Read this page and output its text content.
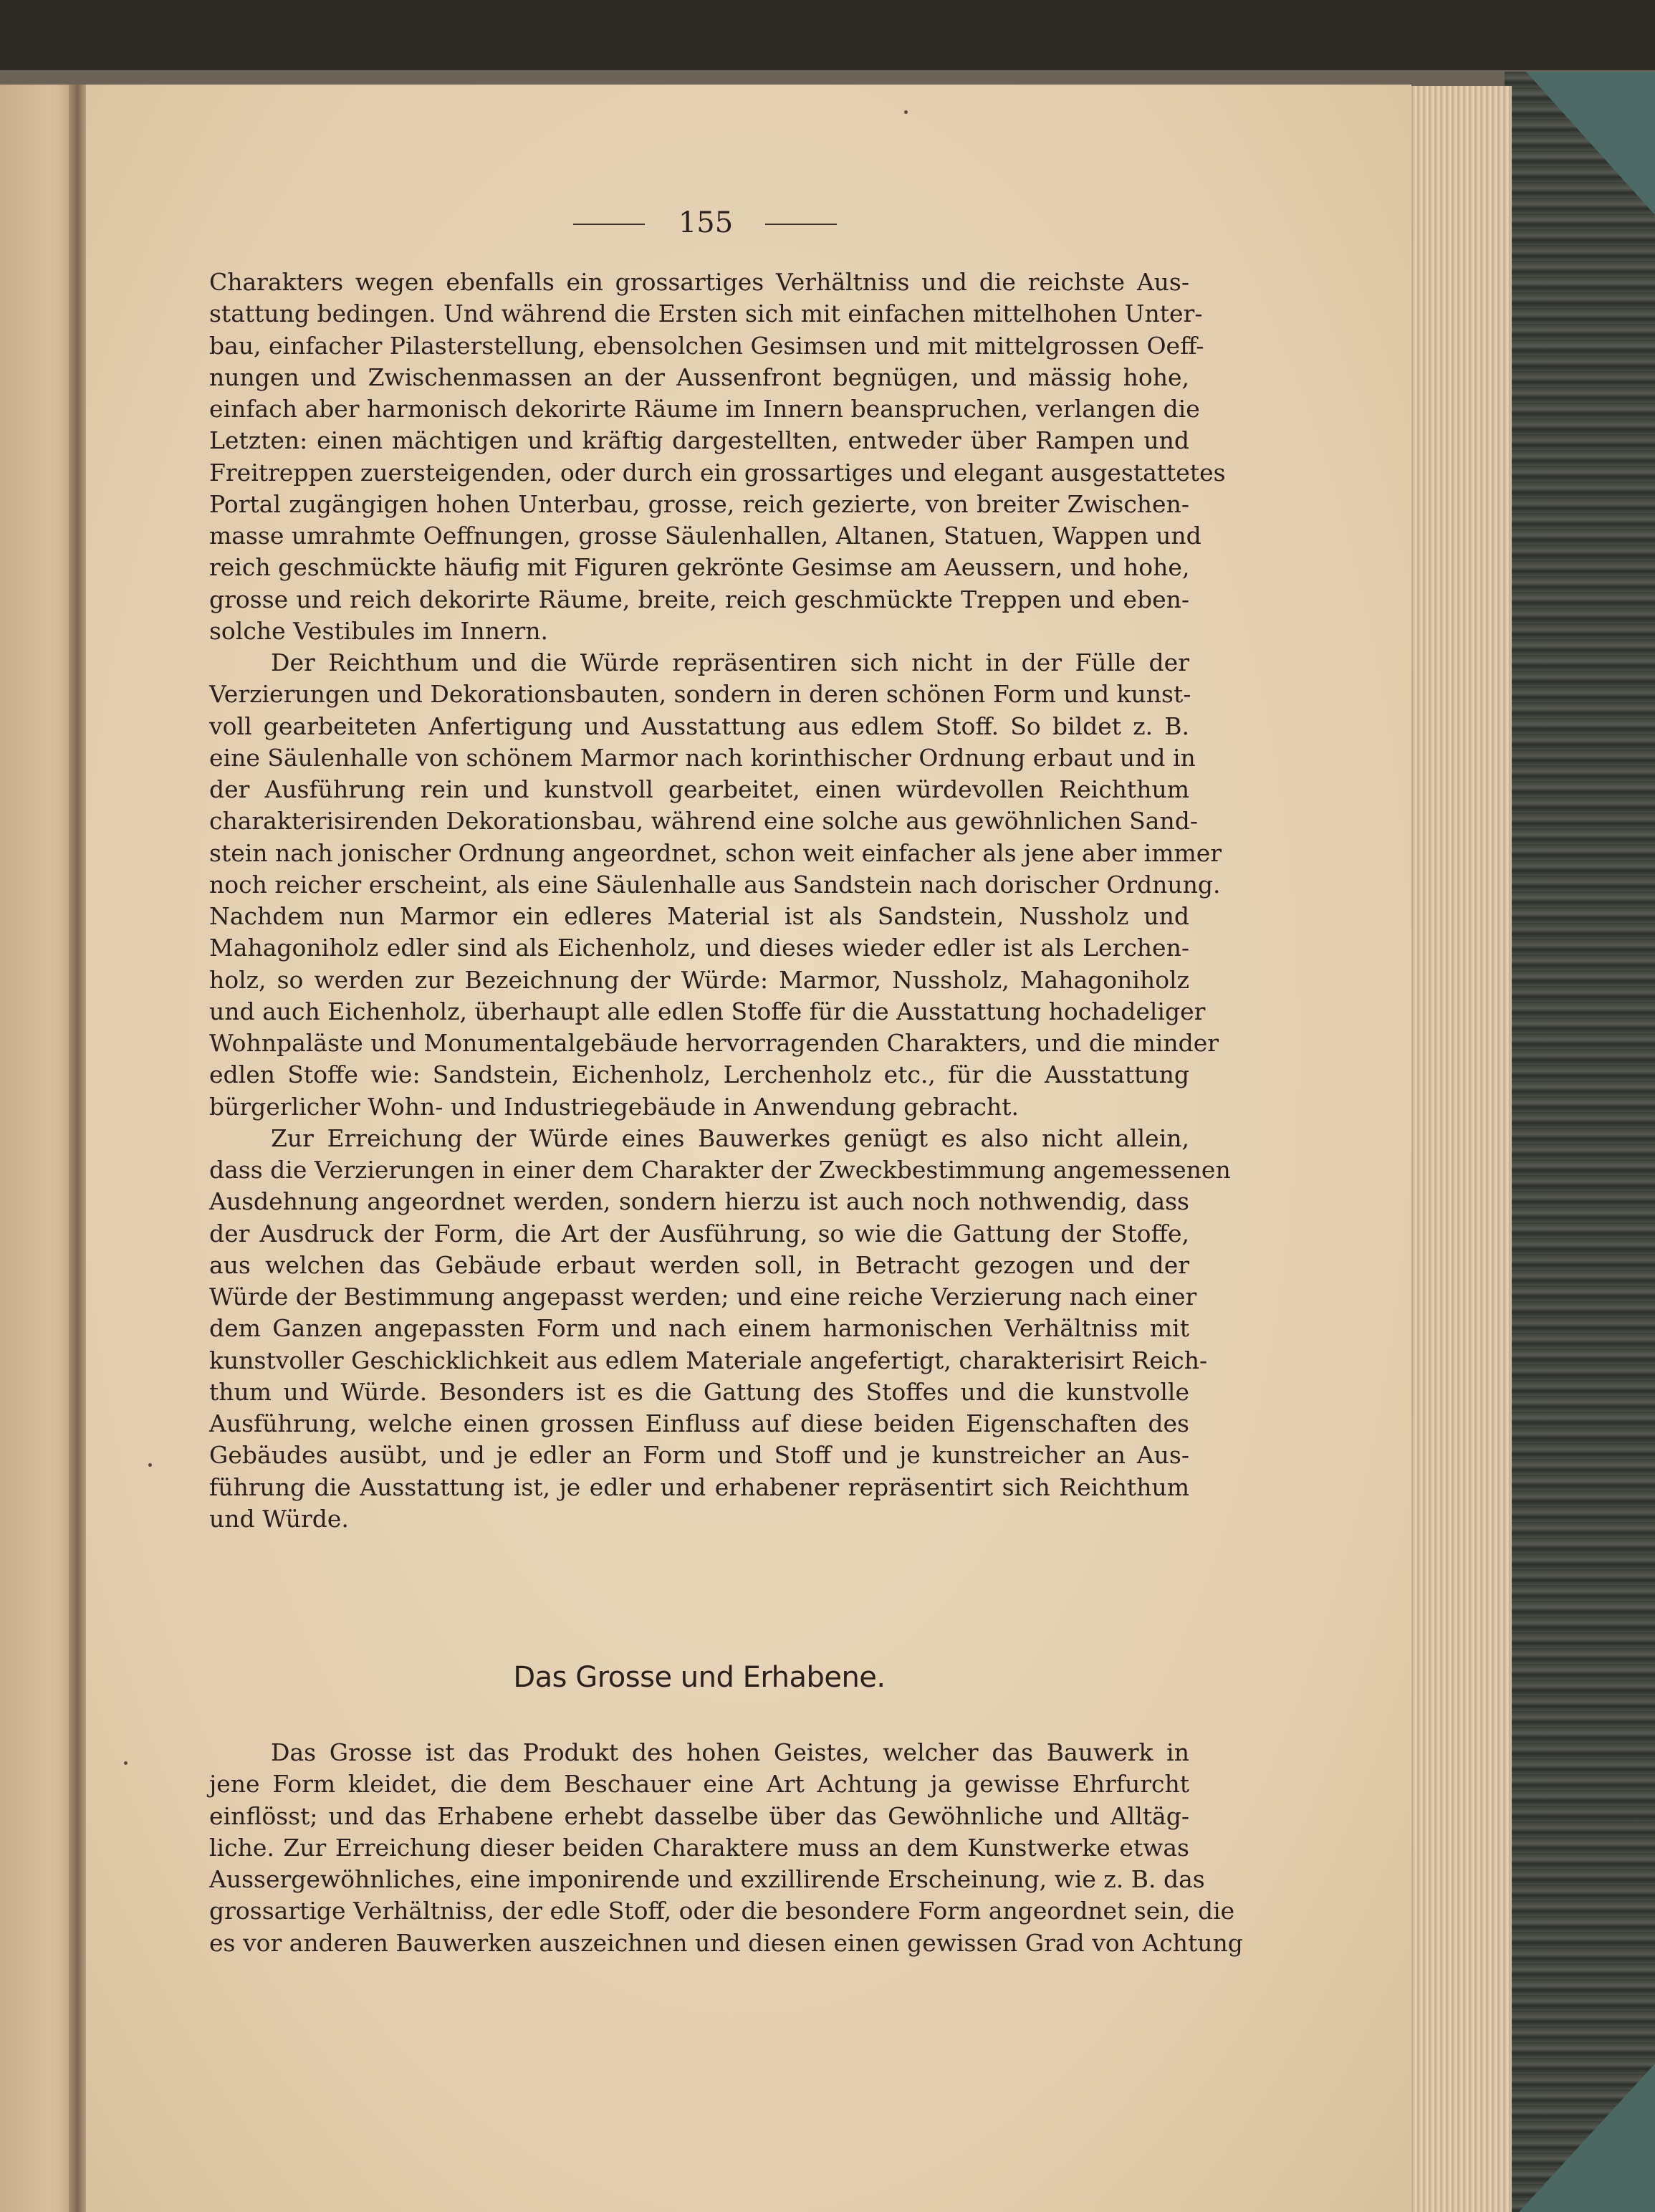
155
Charakters wegen ebenfalls ein grossartiges Verhältniss und die reichste Aus-
stattung bedingen. Und während die Ersten sich mit einfachen mittelhohen Unter-
bau, einfacher Pilasterstellung, ebensolchen Gesimsen und mit mittelgrossen Oeff-
nungen und Zwischenmassen an der Aussenfront begnügen, und mässig hohe,
einfach aber harmonisch dekorirte Räume im Innern beanspruchen, verlangen die
Letzten: einen mächtigen und kräftig dargestellten, entweder über Rampen und
Freitreppen zuersteigenden, oder durch ein grossartiges und elegant ausgestattetes
Portal zugängigen hohen Unterbau, grosse, reich gezierte, von breiter Zwischen-
masse umrahmte Oeffnungen, grosse Säulenhallen, Altanen, Statuen, Wappen und
reich geschmückte häufig mit Figuren gekrönte Gesimse am Aeussern, und hohe,
grosse und reich dekorirte Räume, breite, reich geschmückte Treppen und eben-
solche Vestibules im Innern.
Der Reichthum und die Würde repräsentiren sich nicht in der Fülle der
Verzierungen und Dekorationsbauten, sondern in deren schönen Form und kunst-
voll gearbeiteten Anfertigung und Ausstattung aus edlem Stoff. So bildet z. B.
eine Säulenhalle von schönem Marmor nach korinthischer Ordnung erbaut und in
der Ausführung rein und kunstvoll gearbeitet, einen würdevollen Reichthum
charakterisirenden Dekorationsbau, während eine solche aus gewöhnlichen Sand-
stein nach jonischer Ordnung angeordnet, schon weit einfacher als jene aber immer
noch reicher erscheint, als eine Säulenhalle aus Sandstein nach dorischer Ordnung.
Nachdem nun Marmor ein edleres Material ist als Sandstein, Nussholz und
Mahagoniholz edler sind als Eichenholz, und dieses wieder edler ist als Lerchen-
holz, so werden zur Bezeichnung der Würde: Marmor, Nussholz, Mahagoniholz
und auch Eichenholz, überhaupt alle edlen Stoffe für die Ausstattung hochadeliger
Wohnpaläste und Monumentalgebäude hervorragenden Charakters, und die minder
edlen Stoffe wie: Sandstein, Eichenholz, Lerchenholz etc., für die Ausstattung
bürgerlicher Wohn- und Industriegebäude in Anwendung gebracht.
Zur Erreichung der Würde eines Bauwerkes genügt es also nicht allein,
dass die Verzierungen in einer dem Charakter der Zweckbestimmung angemessenen
Ausdehnung angeordnet werden, sondern hierzu ist auch noch nothwendig, dass
der Ausdruck der Form, die Art der Ausführung, so wie die Gattung der Stoffe,
aus welchen das Gebäude erbaut werden soll, in Betracht gezogen und der
Würde der Bestimmung angepasst werden; und eine reiche Verzierung nach einer
dem Ganzen angepassten Form und nach einem harmonischen Verhältniss mit
kunstvoller Geschicklichkeit aus edlem Materiale angefertigt, charakterisirt Reich-
thum und Würde. Besonders ist es die Gattung des Stoffes und die kunstvolle
Ausführung, welche einen grossen Einfluss auf diese beiden Eigenschaften des
Gebäudes ausübt, und je edler an Form und Stoff und je kunstreicher an Aus-
führung die Ausstattung ist, je edler und erhabener repräsentirt sich Reichthum
und Würde.
Das Grosse und Erhabene.
Das Grosse ist das Produkt des hohen Geistes, welcher das Bauwerk in
jene Form kleidet, die dem Beschauer eine Art Achtung ja gewisse Ehrfurcht
einflösst; und das Erhabene erhebt dasselbe über das Gewöhnliche und Alltäg-
liche. Zur Erreichung dieser beiden Charaktere muss an dem Kunstwerke etwas
Aussergewöhnliches, eine imponirende und exzillirende Erscheinung, wie z. B. das
grossartige Verhältniss, der edle Stoff, oder die besondere Form angeordnet sein, die
es vor anderen Bauwerken auszeichnen und diesen einen gewissen Grad von Achtung
